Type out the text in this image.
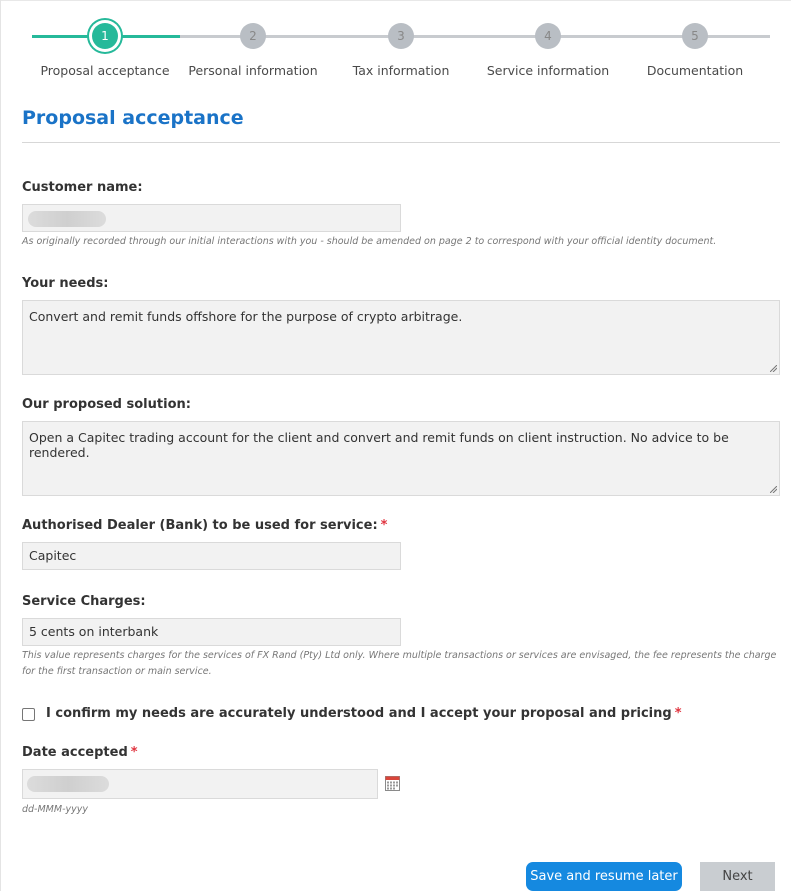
1
Proposal acceptance
2
Personal information
3
Tax information
4
Service information
5
Documentation
Proposal acceptance
Customer name:
As originally recorded through our initial interactions with you - should be amended on page 2 to correspond with your official identity document.
Your needs:
Convert and remit funds offshore for the purpose of crypto arbitrage.
Our proposed solution:
Open a Capitec trading account for the client and convert and remit funds on client instruction. No advice to be rendered.
Authorised Dealer (Bank) to be used for service: *
Capitec
Service Charges:
5 cents on interbank
This value represents charges for the services of FX Rand (Pty) Ltd only. Where multiple transactions or services are envisaged, the fee represents the charge
for the first transaction or main service.
I confirm my needs are accurately understood and I accept your proposal and pricing *
Date accepted *
dd-MMM-yyyy
Save and resume later	Next
